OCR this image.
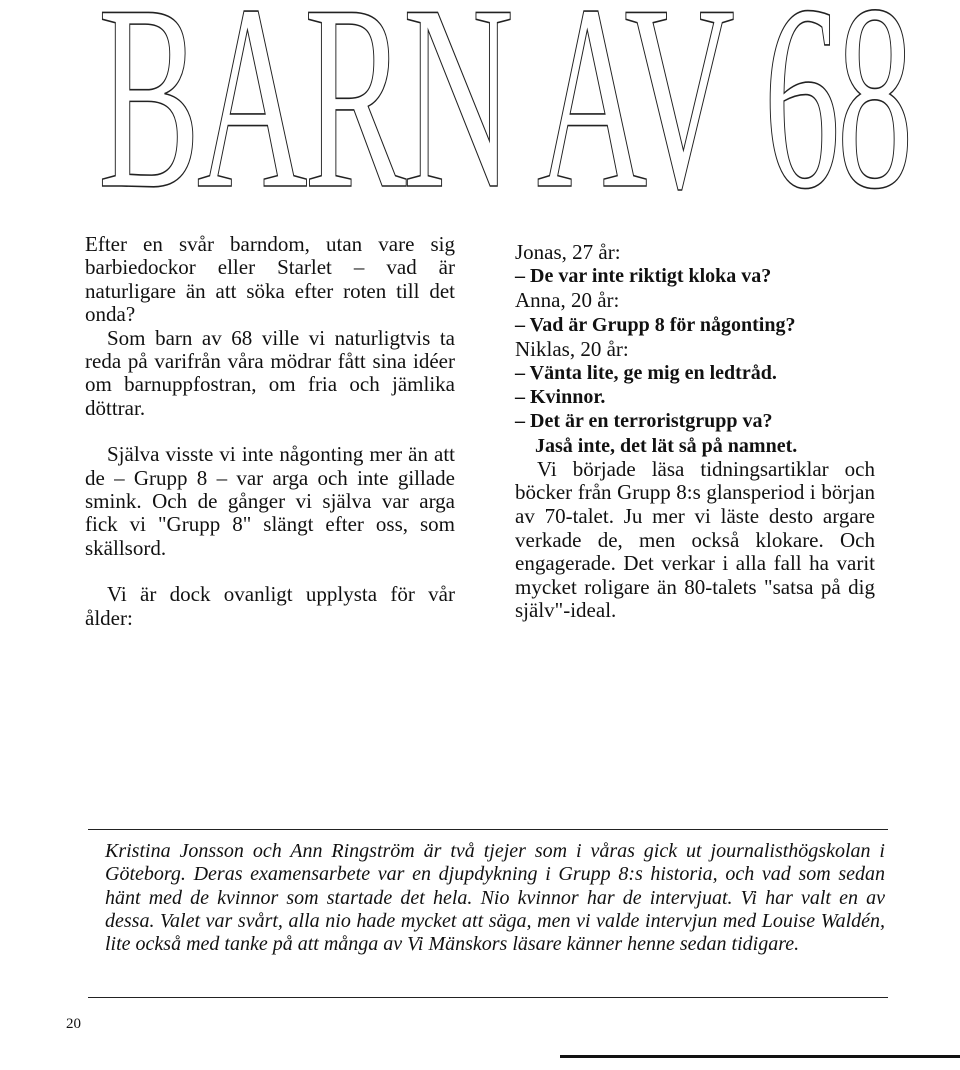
BARN AV 68

Efter en svår barndom, utan vare sig barbiedockor eller Starlet – vad är naturligare än att söka efter roten till det onda?

Som barn av 68 ville vi naturligtvis ta reda på varifrån våra mödrar fått sina idéer om barnuppfostran, om fria och jämlika döttrar.

Själva visste vi inte någonting mer än att de – Grupp 8 – var arga och inte gillade smink. Och de gånger vi själva var arga fick vi "Grupp 8" slängt efter oss, som skällsord.

Vi är dock ovanligt upplysta för vår ålder:

Jonas, 27 år:

– De var inte riktigt kloka va?

Anna, 20 år:

– Vad är Grupp 8 för någonting?

Niklas, 20 år:

– Vänta lite, ge mig en ledtråd.

– Kvinnor.

– Det är en terroristgrupp va?

Jaså inte, det lät så på namnet.

Vi började läsa tidningsartiklar och böcker från Grupp 8:s glansperiod i början av 70-talet. Ju mer vi läste desto argare verkade de, men också klokare. Och engagerade. Det verkar i alla fall ha varit mycket roligare än 80-talets "satsa på dig själv"-ideal.

Kristina Jonsson och Ann Ringström är två tjejer som i våras gick ut journalisthögskolan i Göteborg. Deras examensarbete var en djupdykning i Grupp 8:s historia, och vad som sedan hänt med de kvinnor som startade det hela. Nio kvinnor har de intervjuat. Vi har valt en av dessa. Valet var svårt, alla nio hade mycket att säga, men vi valde intervjun med Louise Waldén, lite också med tanke på att många av Vi Mänskors läsare känner henne sedan tidigare.

20
